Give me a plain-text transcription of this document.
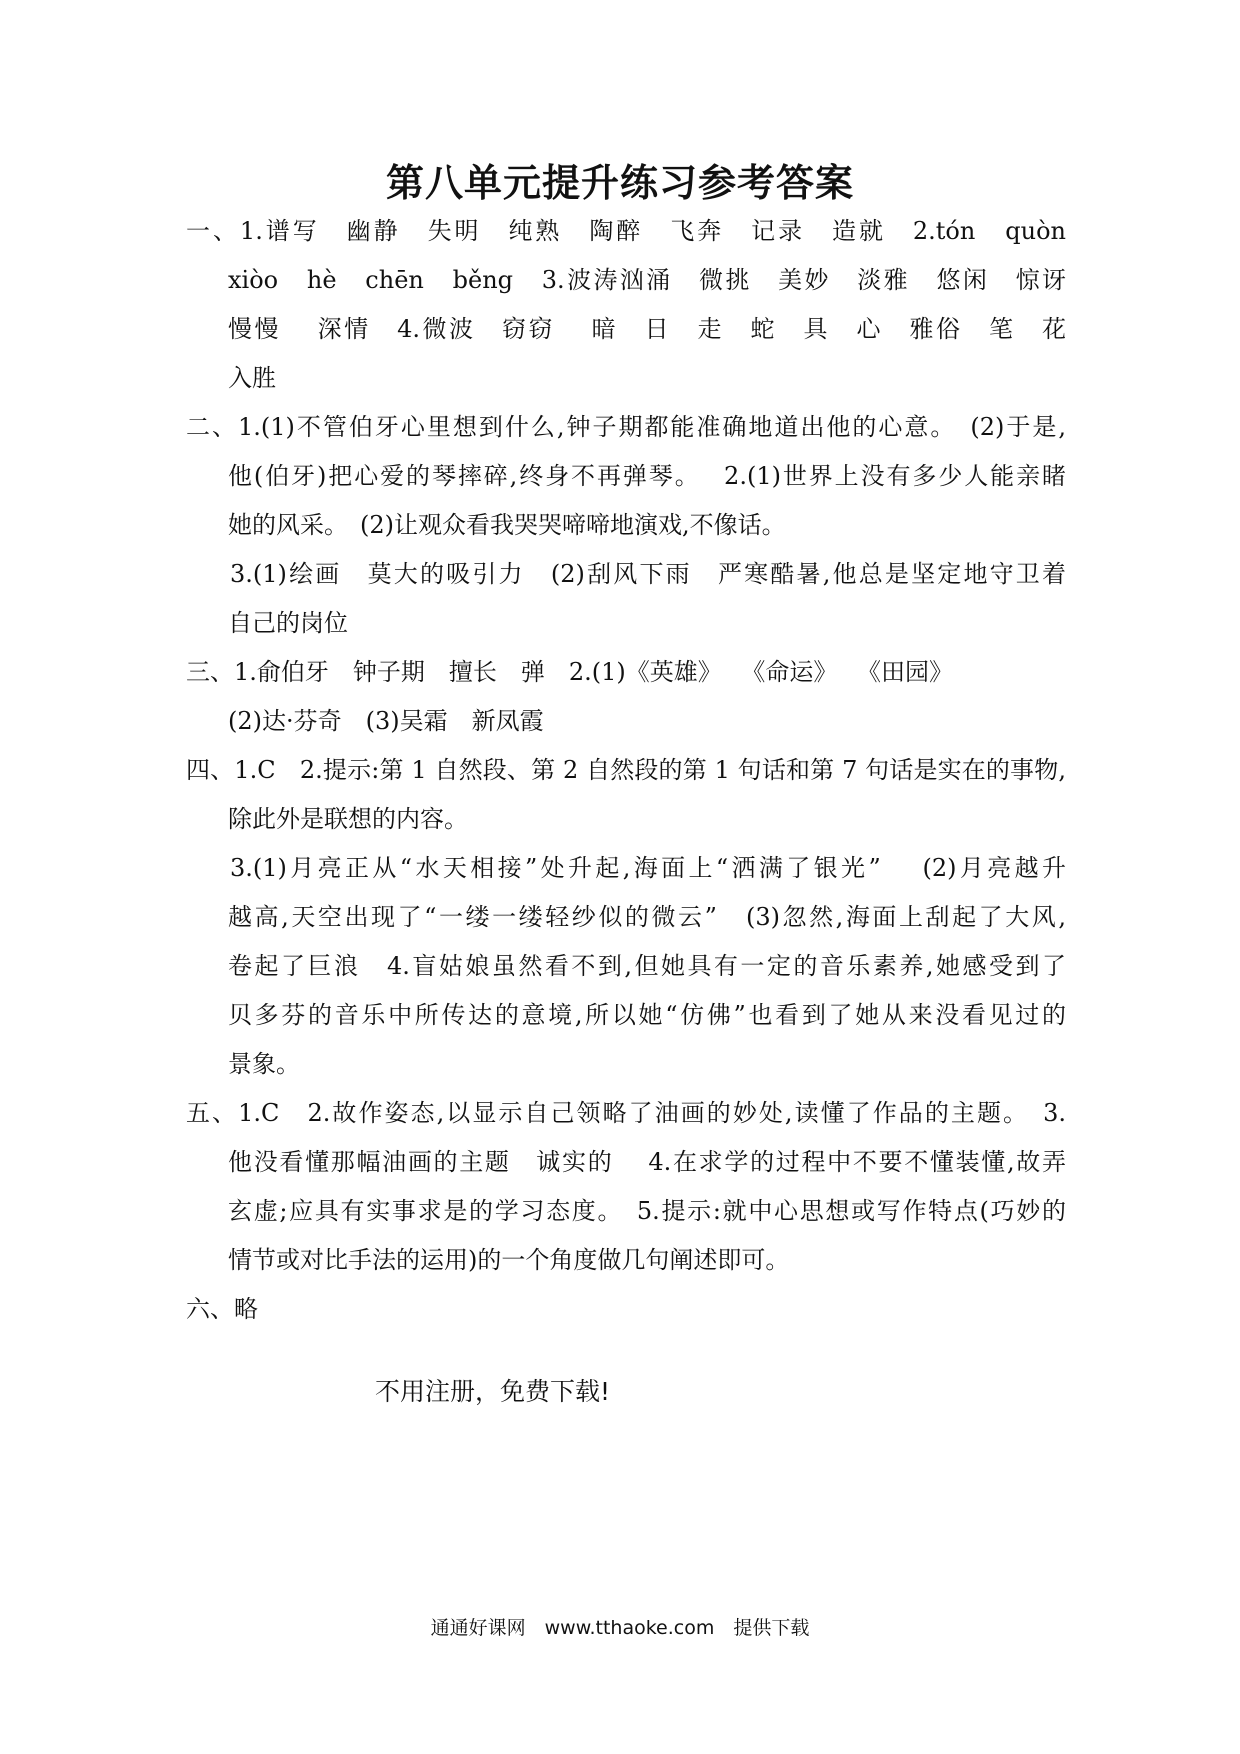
第八单元提升练习参考答案
一、1.谱写　幽静　失明　纯熟　陶醉　飞奔　记录　造就　2.tón　quòn
xiòo　hè　chēn　běng　3.波涛汹涌　微挑　美妙　淡雅　悠闲　惊讶
慢慢　 深情　4.微波　窃窃　 暗　日　走　蛇　具　心　雅俗　笔　花
入胜
二、1.(1)不管伯牙心里想到什么,钟子期都能准确地道出他的心意。　(2)于是,
他(伯牙)把心爱的琴摔碎,终身不再弹琴。　 2.(1)世界上没有多少人能亲睹
她的风采。　(2)让观众看我哭哭啼啼地演戏,不像话。
3.(1)绘画　莫大的吸引力　(2)刮风下雨　严寒酷暑,他总是坚定地守卫着
自己的岗位
三、1.俞伯牙　钟子期　擅长　弹　2.(1)《英雄》　 《命运》　 《田园》
(2)达·芬奇　(3)吴霜　新凤霞
四、1.C　2.提示:第 1 自然段、第 2 自然段的第 1 句话和第 7 句话是实在的事物,
除此外是联想的内容。
3.(1)月亮正从“水天相接”处升起,海面上“洒满了银光”　 (2)月亮越升
越高,天空出现了“一缕一缕轻纱似的微云”　(3)忽然,海面上刮起了大风,
卷起了巨浪　4.盲姑娘虽然看不到,但她具有一定的音乐素养,她感受到了
贝多芬的音乐中所传达的意境,所以她“仿佛”也看到了她从来没看见过的
景象。
五、1.C　2.故作姿态,以显示自己领略了油画的妙处,读懂了作品的主题。　3.
他没看懂那幅油画的主题　诚实的　 4.在求学的过程中不要不懂装懂,故弄
玄虚;应具有实事求是的学习态度。　5.提示:就中心思想或写作特点(巧妙的
情节或对比手法的运用)的一个角度做几句阐述即可。
六、略
不用注册，免费下载!
通通好课网　www.tthaoke.com　提供下载
